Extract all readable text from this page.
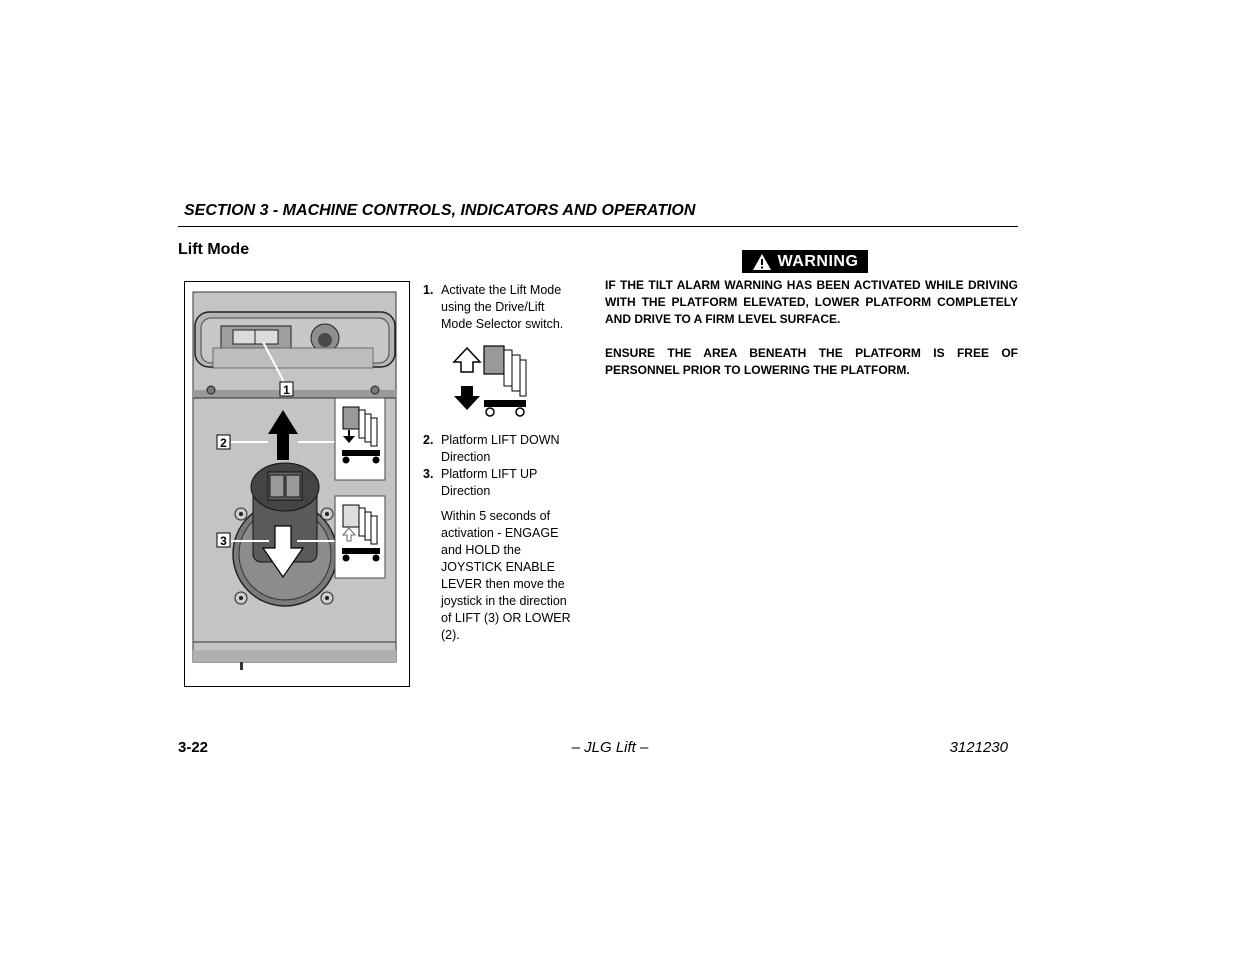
SECTION 3 - MACHINE CONTROLS, INDICATORS AND OPERATION
Lift Mode
1
2
3
1. Activate the Lift Mode using the Drive/Lift Mode Selector switch.
2. Platform LIFT DOWN Direction
3. Platform LIFT UP Direction
Within 5 seconds of activation - ENGAGE and HOLD the JOYSTICK ENABLE LEVER then move the joystick in the direction of LIFT (3) OR LOWER (2).
WARNING
IF THE TILT ALARM WARNING HAS BEEN ACTIVATED WHILE DRIVING WITH THE PLATFORM ELEVATED, LOWER PLATFORM COMPLETELY AND DRIVE TO A FIRM LEVEL SURFACE.
ENSURE THE AREA BENEATH THE PLATFORM IS FREE OF PERSONNEL PRIOR TO LOWERING THE PLATFORM.
3-22	– JLG Lift –	3121230
